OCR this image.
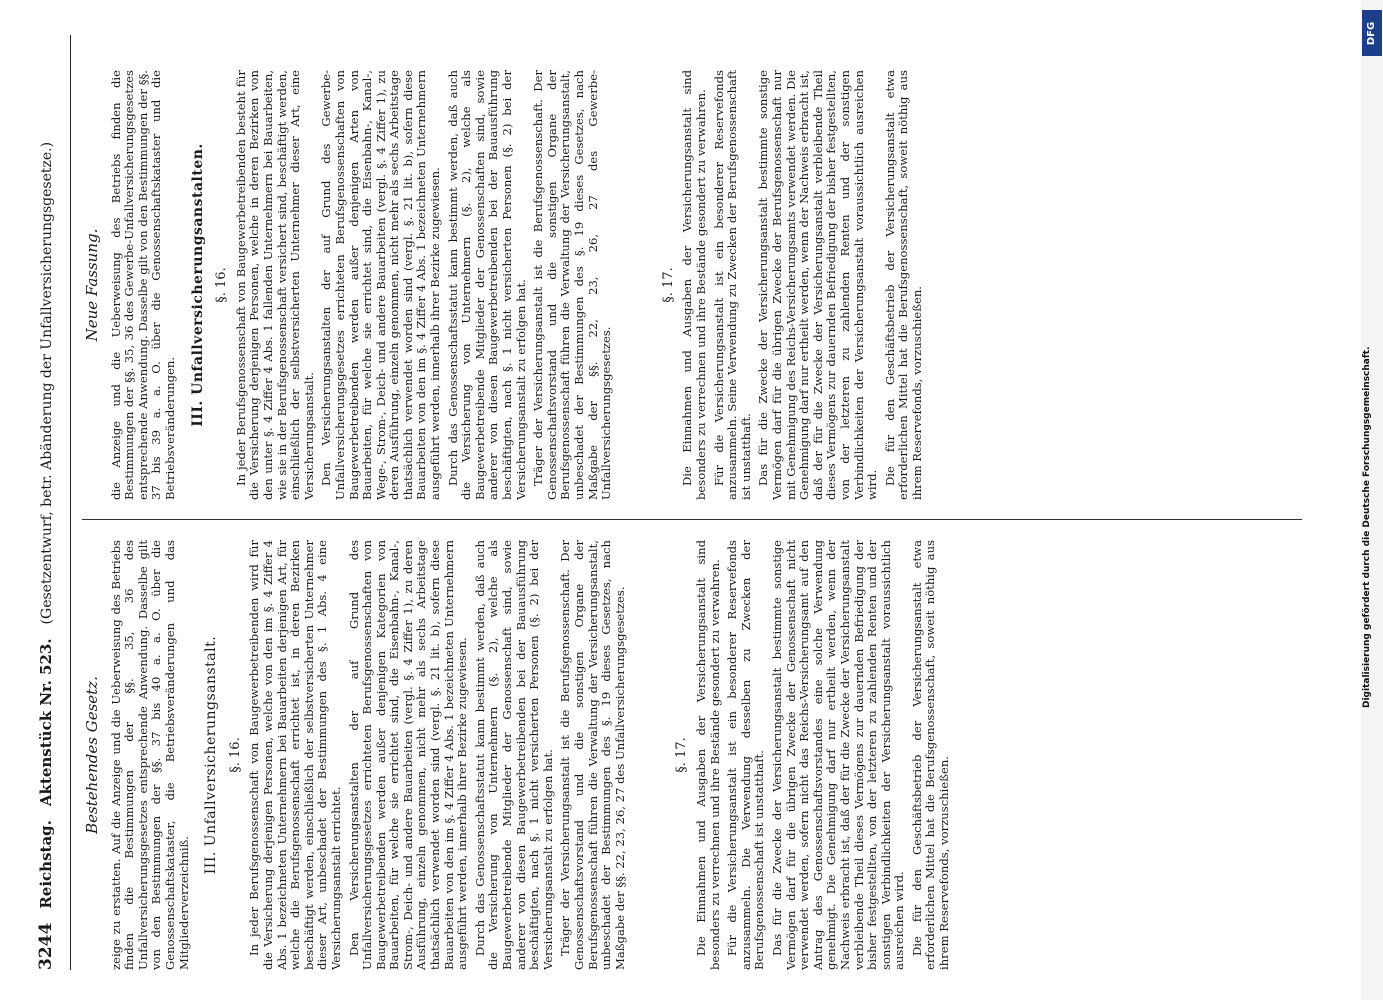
3244
Reichstag.
Aktenstück Nr. 523.
(Gesetzentwurf, betr. Abänderung der Unfallversicherungsgesetze.)
Bestehendes Gesetz. zeige zu erstatten. Auf die Anzeige und die Ueberweisung des Betriebs finden die Bestimmungen der §§. 35, 36 des Unfallversicherungsgesetzes entsprechende Anwendung. Dasselbe gilt von den Bestimmungen der §§. 37 bis 40 a. a. O. über die Genossenschaftskataster, die Betriebsveränderungen und das Mitgliederverzeichniß.

III. Unfallversicherungsanstalt. §. 16. In jeder Berufsgenossenschaft von Baugewerbetreibenden wird für die Versicherung derjenigen Personen, welche von den im §. 4 Ziffer 4 Abs. 1 bezeichneten Unternehmern bei Bauarbeiten derjenigen Art, für welche die Berufsgenossenschaft errichtet ist, in deren Bezirken beschäftigt werden, einschließlich der selbstversicherten Unternehmer dieser Art, unbeschadet der Bestimmungen des §. 1 Abs. 4 eine Versicherungsanstalt errichtet. Den Versicherungsanstalten der auf Grund des Unfallversicherungsgesetzes errichteten Berufsgenossenschaften von Baugewerbetreibenden werden außer denjenigen Kategorien von Bauarbeiten, für welche sie errichtet sind, die Eisenbahn-, Kanal-, Strom-, Deich- und andere Bauarbeiten (vergl. §. 4 Ziffer 1), zu deren Ausführung, einzeln genommen, nicht mehr als sechs Arbeitstage thatsächlich verwendet worden sind (vergl. §. 21 lit. b), sofern diese Bauarbeiten von den im §. 4 Ziffer 4 Abs. 1 bezeichneten Unternehmern ausgeführt werden, innerhalb ihrer Bezirke zugewiesen. Durch das Genossenschaftsstatut kann bestimmt werden, daß auch die Versicherung von Unternehmern (§. 2), welche als Baugewerbetreibende Mitglieder der Genossenschaft sind, sowie anderer von diesen Baugewerbetreibenden bei der Bauausführung beschäftigten, nach §. 1 nicht versicherten Personen (§. 2) bei der Versicherungsanstalt zu erfolgen hat. Träger der Versicherungsanstalt ist die Berufsgenossenschaft. Der Genossenschaftsvorstand und die sonstigen Organe der Berufsgenossenschaft führen die Verwaltung der Versicherungsanstalt, unbeschadet der Bestimmungen des §. 19 dieses Gesetzes, nach Maßgabe der §§. 22, 23, 26, 27 des Unfallversicherungsgesetzes.	§. 17. Die Einnahmen und Ausgaben der Versicherungsanstalt sind besonders zu verrechnen und ihre Bestände gesondert zu verwahren. Für die Versicherungsanstalt ist ein besonderer Reservefonds anzusammeln. Die Verwendung desselben zu Zwecken der Berufsgenossenschaft ist unstatthaft. Das für die Zwecke der Versicherungsanstalt bestimmte sonstige Vermögen darf für die übrigen Zwecke der Genossenschaft nicht verwendet werden, sofern nicht das Reichs-Versicherungsamt auf den Antrag des Genossenschaftsvorstandes eine solche Verwendung genehmigt. Die Genehmigung darf nur ertheilt werden, wenn der Nachweis erbracht ist, daß der für die Zwecke der Versicherungsanstalt verbleibende Theil dieses Vermögens zur dauernden Befriedigung der bisher festgestellten, von der letzteren zu zahlenden Renten und der sonstigen Verbindlichkeiten der Versicherungsanstalt voraussichtlich ausreichen wird. Die für den Geschäftsbetrieb der Versicherungsanstalt etwa erforderlichen Mittel hat die Berufsgenossenschaft, soweit nöthig aus ihrem Reservefonds, vorzuschießen.

Neue Fassung. die Anzeige und die Ueberweisung des Betriebs finden die Bestimmungen der §§. 35, 36 des Gewerbe-Unfallversicherungsgesetzes entsprechende Anwendung. Dasselbe gilt von den Bestimmungen der §§. 37 bis 39 a. a. O. über die Genossenschaftskataster und die Betriebsveränderungen.

III. Unfallversicherungsanstalten. §. 16. In jeder Berufsgenossenschaft von Baugewerbetreibenden besteht für die Versicherung derjenigen Personen, welche in deren Bezirken von den unter §. 4 Ziffer 4 Abs. 1 fallenden Unternehmern bei Bauarbeiten, wie sie in der Berufsgenossenschaft versichert sind, beschäftigt werden, einschließlich der selbstversicherten Unternehmer dieser Art, eine Versicherungsanstalt. Den Versicherungsanstalten der auf Grund des Gewerbe-Unfallversicherungsgesetzes errichteten Berufsgenossenschaften von Baugewerbetreibenden werden außer denjenigen Arten von Bauarbeiten, für welche sie errichtet sind, die Eisenbahn-, Kanal-, Wege-, Strom-, Deich- und andere Bauarbeiten (vergl. §. 4 Ziffer 1), zu deren Ausführung, einzeln genommen, nicht mehr als sechs Arbeitstage thatsächlich verwendet worden sind (vergl. §. 21 lit. b), sofern diese Bauarbeiten von den im §. 4 Ziffer 4 Abs. 1 bezeichneten Unternehmern ausgeführt werden, innerhalb ihrer Bezirke zugewiesen. Durch das Genossenschaftsstatut kann bestimmt werden, daß auch die Versicherung von Unternehmern (§. 2), welche als Baugewerbetreibende Mitglieder der Genossenschaften sind, sowie anderer von diesen Baugewerbetreibenden bei der Bauausführung beschäftigten, nach §. 1 nicht versicherten Personen (§. 2) bei der Versicherungsanstalt zu erfolgen hat. Träger der Versicherungsanstalt ist die Berufsgenossenschaft. Der Genossenschaftsvorstand und die sonstigen Organe der Berufsgenossenschaft führen die Verwaltung der Versicherungsanstalt, unbeschadet der Bestimmungen des §. 19 dieses Gesetzes, nach Maßgabe der §§. 22, 23, 26, 27 des Gewerbe-Unfallversicherungsgesetzes.

§. 17. Die Einnahmen und Ausgaben der Versicherungsanstalt sind besonders zu verrechnen und ihre Bestände gesondert zu verwahren. Für die Versicherungsanstalt ist ein besonderer Reservefonds anzusammeln. Seine Verwendung zu Zwecken der Berufsgenossenschaft ist unstatthaft. Das für die Zwecke der Versicherungsanstalt bestimmte sonstige Vermögen darf für die übrigen Zwecke der Berufsgenossenschaft nur mit Genehmigung des Reichs-Versicherungsamts verwendet werden. Die Genehmigung darf nur ertheilt werden, wenn der Nachweis erbracht ist, daß der für die Zwecke der Versicherungsanstalt verbleibende Theil dieses Vermögens zur dauernden Befriedigung der bisher festgestellten, von der letzteren zu zahlenden Renten und der sonstigen Verbindlichkeiten der Versicherungsanstalt voraussichtlich ausreichen wird. Die für den Geschäftsbetrieb der Versicherungsanstalt etwa erforderlichen Mittel hat die Berufsgenossenschaft, soweit nöthig aus ihrem Reservefonds, vorzuschießen.

DFG
Digitalisierung gefördert durch die Deutsche Forschungsgemeinschaft.
